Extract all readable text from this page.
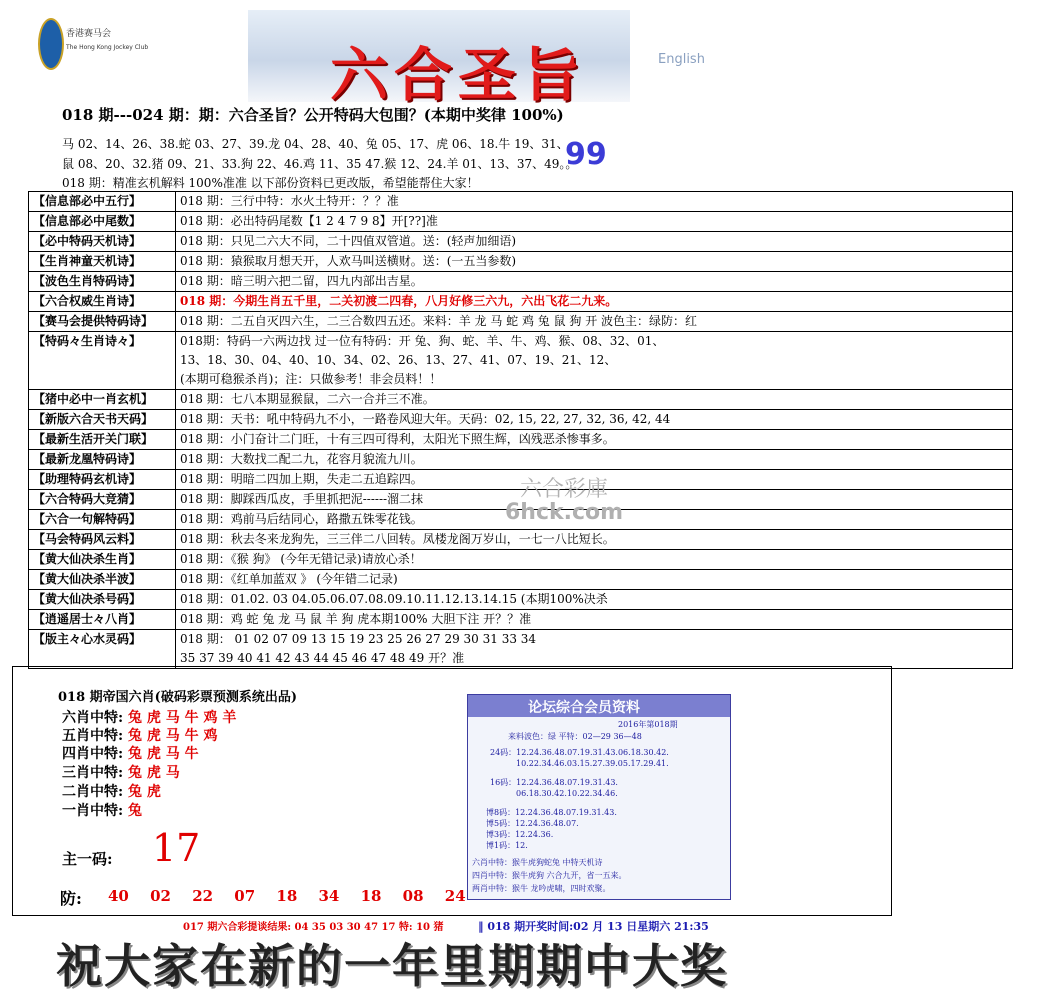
香港赛马会
The Hong Kong Jockey Club	六合圣旨	English
018 期---024 期：期：六合圣旨？公开特码大包围？(本期中奖律 100%)
马 02、14、26、38.蛇 03、27、39.龙 04、28、40、兔 05、17、虎 06、18.牛 19、31、
鼠 08、20、32.猪 09、21、33.狗 22、46.鸡 11、35 47.猴 12、24.羊 01、13、37、49。。
99
018 期：精准玄机解料 100%准准 以下部份资料已更改版，希望能帮住大家！
【信息部必中五行】	018 期：三行中特：水火土特开：？？准
【信息部必中尾数】	018 期：必出特码尾数【1 2 4 7 9 8】开[??]准
【必中特码天机诗】	018 期：只见二六大不同，二十四值双管道。送：(轻声加细语)
【生肖神童天机诗】	018 期：猿猴取月想天开，人欢马叫送横财。送：(一五当参数)
【波色生肖特码诗】	018 期：暗三明六把二留，四九内部出吉星。
【六合权威生肖诗】	018 期：今期生肖五千里，二关初渡二四春，八月好修三六九，六出飞花二九来。
【赛马会提供特码诗】	018 期：二五自灭四六生，二三合数四五还。来料：羊 龙 马 蛇 鸡 兔 鼠 狗 开 波色主：绿防：红
【特码々生肖诗々】	018期：特码一六两边找 过一位有特码：开 兔、狗、蛇、羊、牛、鸡、猴、08、32、01、
13、18、30、04、40、10、34、02、26、13、27、41、07、19、21、12、
(本期可稳猴杀肖)；注：只做参考！非会员料！！

【猪中必中一肖玄机】	018 期：七八本期显猴鼠，二六一合并三不准。
【新版六合天书天码】	018 期：天书：吼中特码九不小，一路卷风迎大年。天码：02, 15, 22, 27, 32, 36, 42, 44
【最新生活开关门联】	018 期：小门奋计二门旺，十有三四可得利，太阳光下照生辉，凶残恶杀惨事多。
【最新龙凰特码诗】	018 期：大数找二配二九，花容月貌流九川。
【助理特码玄机诗】	018 期：明暗二四加上期，失走二五追踪四。
【六合特码大竞猜】	018 期：脚踩西瓜皮，手里抓把泥------溜二抹
【六合一句解特码】	018 期：鸡前马后结同心，路撒五铢零花钱。
【马会特码风云料】	018 期：秋去冬来龙狗先，三三伴二八回转。凤楼龙阁万岁山，一七一八比短长。
【黄大仙决杀生肖】	018 期：《猴 狗》 (今年无错记录)请放心杀！
【黄大仙决杀半波】	018 期：《红单加蓝双 》 (今年错二记录)
【黄大仙决杀号码】	018 期：01.02. 03 04.05.06.07.08.09.10.11.12.13.14.15 (本期100%决杀
【逍遥居士々八肖】	018 期：鸡 蛇 兔 龙 马 鼠 羊 狗 虎本期100% 大胆下注 开？？准
【版主々心水灵码】	018 期： 01 02 07 09 13 15 19 23 25 26 27 29 30 31 33 34
35 37 39 40 41 42 43 44 45 46 47 48 49 开？准
六合彩庫
6hck.com
018 期帝国六肖(破码彩票预测系统出品)
六肖中特: 兔 虎 马 牛 鸡 羊
五肖中特: 兔 虎 马 牛 鸡
四肖中特: 兔 虎 马 牛
三肖中特: 兔 虎 马
二肖中特: 兔 虎
一肖中特: 兔
主一码: 17
防: 40 02 22 07 18 34 18 08 24
017 期六合彩提谈结果: 04 35 03 30 47 17 特: 10 猪	‖ 018 期开奖时间:02 月 13 日星期六 21:35
论坛综合会员资料
2016年第018期
来料波色：绿 平特：02—29 36—48
24码：12.24.36.48.07.19.31.43.06.18.30.42.
10.22.34.46.03.15.27.39.05.17.29.41.
16码：12.24.36.48.07.19.31.43.
06.18.30.42.10.22.34.46.
博8码：12.24.36.48.07.19.31.43.
博5码：12.24.36.48.07.
博3码：12.24.36.
博1码：12.
六肖中特：猴牛虎狗蛇兔 中特天机诗
四肖中特：猴牛虎狗 六合九开，省一五来。
两肖中特：猴牛 龙吟虎啸，四时欢聚。
祝大家在新的一年里期期中大奖
